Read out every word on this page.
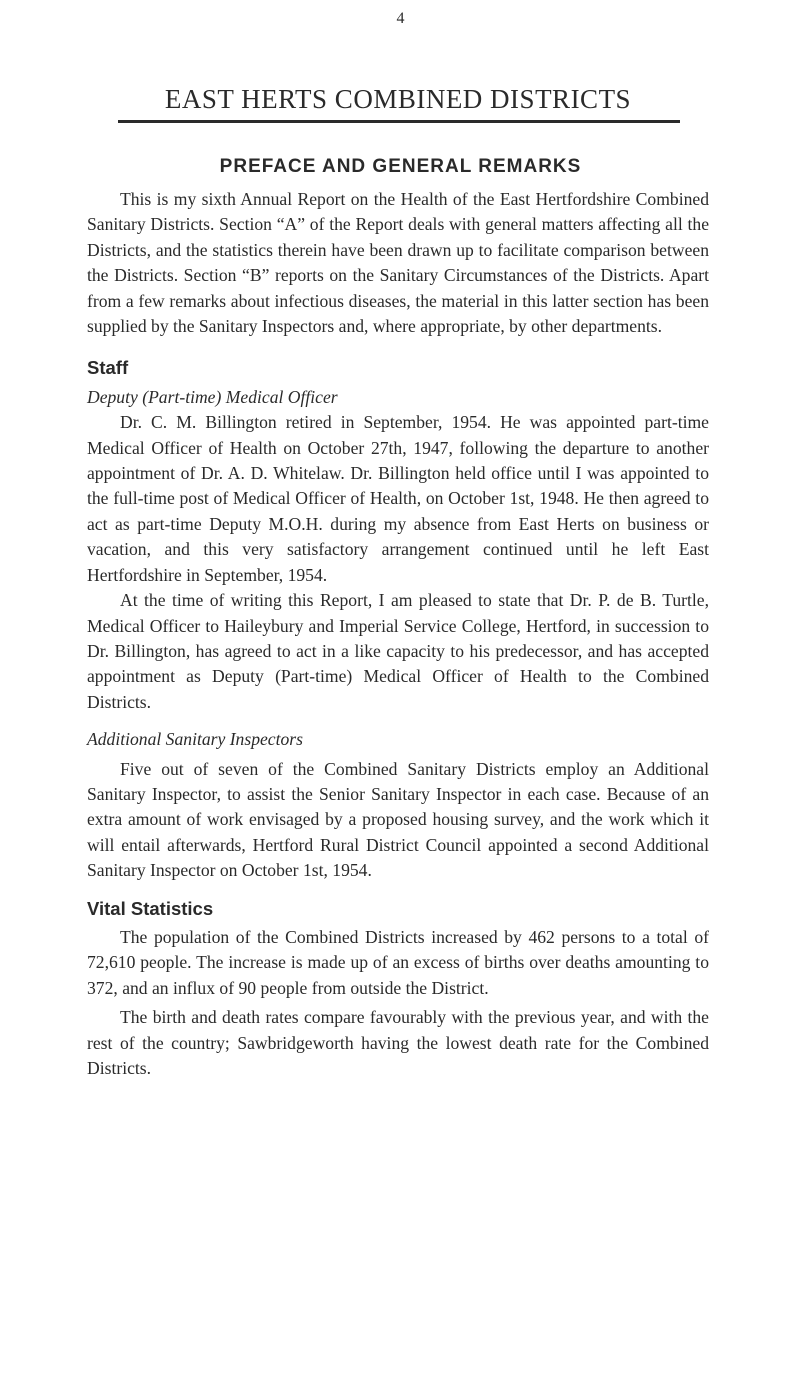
4
EAST HERTS COMBINED DISTRICTS
PREFACE AND GENERAL REMARKS

This is my sixth Annual Report on the Health of the East Hertfordshire Combined Sanitary Districts. Section “A” of the Report deals with general matters affecting all the Districts, and the statistics therein have been drawn up to facilitate comparison between the Districts. Section “B” reports on the Sanitary Circumstances of the Districts. Apart from a few remarks about infectious diseases, the material in this latter section has been supplied by the Sanitary Inspectors and, where appropriate, by other departments.

Staff

Deputy (Part-time) Medical Officer

Dr. C. M. Billington retired in September, 1954. He was appointed part-time Medical Officer of Health on October 27th, 1947, following the departure to another appointment of Dr. A. D. Whitelaw. Dr. Billington held office until I was appointed to the full-time post of Medical Officer of Health, on October 1st, 1948. He then agreed to act as part-time Deputy M.O.H. during my absence from East Herts on business or vacation, and this very satisfactory arrangement continued until he left East Hertfordshire in September, 1954.

At the time of writing this Report, I am pleased to state that Dr. P. de B. Turtle, Medical Officer to Haileybury and Imperial Service College, Hertford, in succession to Dr. Billington, has agreed to act in a like capacity to his predecessor, and has accepted appointment as Deputy (Part-time) Medical Officer of Health to the Combined Districts.

Additional Sanitary Inspectors

Five out of seven of the Combined Sanitary Districts employ an Additional Sanitary Inspector, to assist the Senior Sanitary Inspector in each case. Because of an extra amount of work envisaged by a proposed housing survey, and the work which it will entail afterwards, Hertford Rural District Council appointed a second Additional Sanitary Inspector on October 1st, 1954.

Vital Statistics

The population of the Combined Districts increased by 462 persons to a total of 72,610 people. The increase is made up of an excess of births over deaths amounting to 372, and an influx of 90 people from outside the District.

The birth and death rates compare favourably with the previous year, and with the rest of the country; Sawbridgeworth having the lowest death rate for the Combined Districts.
